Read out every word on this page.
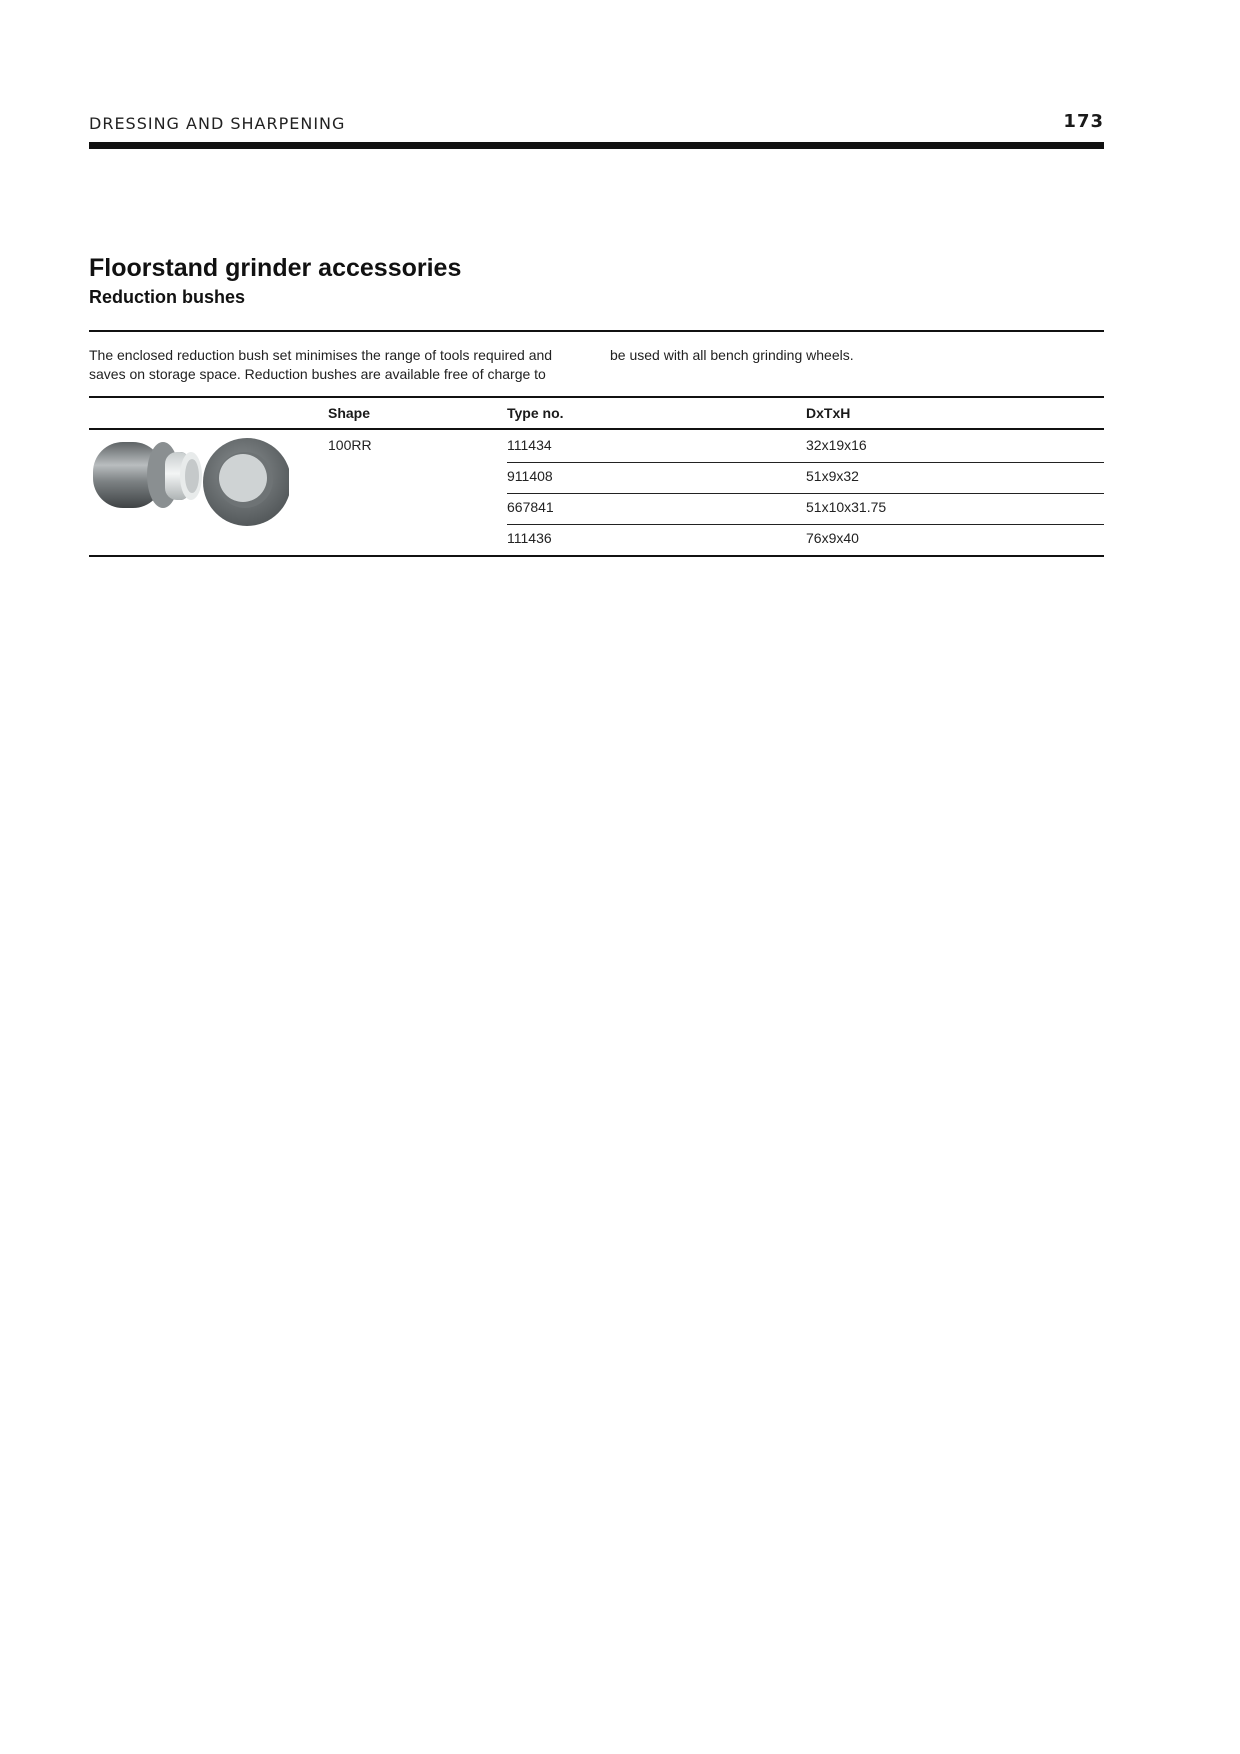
DRESSING AND SHARPENING	173
Floorstand grinder accessories
Reduction bushes
The enclosed reduction bush set minimises the range of tools required and saves on storage space. Reduction bushes are available free of charge to
be used with all bench grinding wheels.
Shape	Type no.	DxTxH
100RR	111434	32x19x16
911408	51x9x32
667841	51x10x31.75
111436	76x9x40
